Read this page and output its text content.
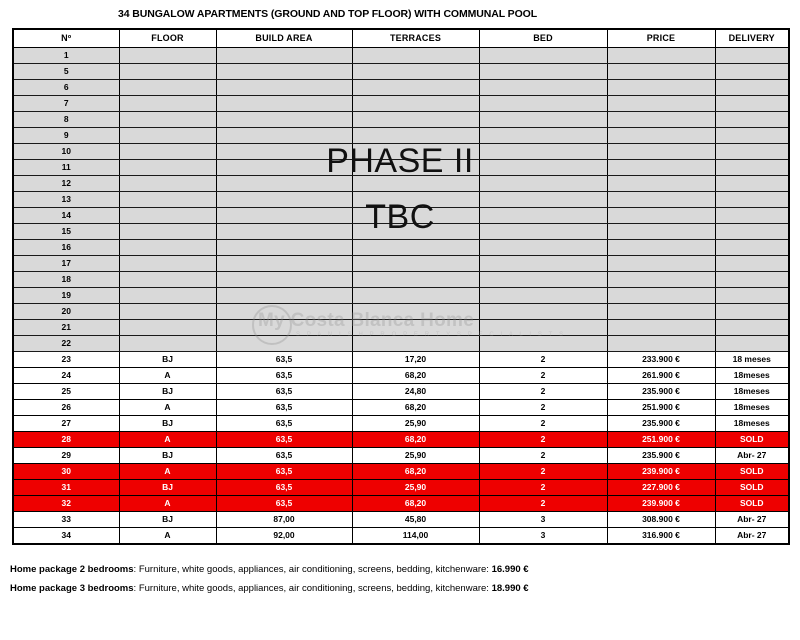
34 BUNGALOW APARTMENTS (GROUND AND TOP FLOOR) WITH COMMUNAL POOL
Nº	FLOOR	BUILD AREA	TERRACES	BED	PRICE	DELIVERY
1						
5						
6						
7						
8						
9						
10						
11						
12						
13						
14						
15						
16						
17						
18						
19						
20						
21						
22						
23	BJ	63,5	17,20	2	233.900 €	18 meses
24	A	63,5	68,20	2	261.900 €	18meses
25	BJ	63,5	24,80	2	235.900 €	18meses
26	A	63,5	68,20	2	251.900 €	18meses
27	BJ	63,5	25,90	2	235.900 €	18meses
28	A	63,5	68,20	2	251.900 €	SOLD
29	BJ	63,5	25,90	2	235.900 €	Abr- 27
30	A	63,5	68,20	2	239.900 €	SOLD
31	BJ	63,5	25,90	2	227.900 €	SOLD
32	A	63,5	68,20	2	239.900 €	SOLD
33	BJ	87,00	45,80	3	308.900 €	Abr- 27
34	A	92,00	114,00	3	316.900 €	Abr- 27
PHASE II
TBC
My Costa Blanca Home
S P A N I S H P R O P E R T Y S P E C I A L I S T S
Home package 2 bedrooms: Furniture, white goods, appliances, air conditioning, screens, bedding, kitchenware: 16.990 €
Home package 3 bedrooms: Furniture, white goods, appliances, air conditioning, screens, bedding, kitchenware: 18.990 €
